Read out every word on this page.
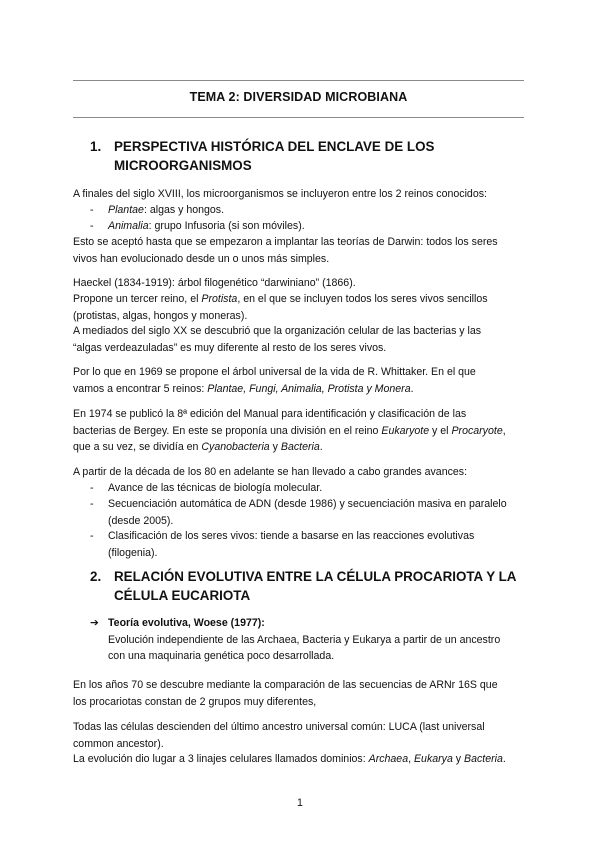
TEMA 2: DIVERSIDAD MICROBIANA
1. PERSPECTIVA HISTÓRICA DEL ENCLAVE DE LOS
MICROORGANISMOS
A finales del siglo XVIII, los microorganismos se incluyeron entre los 2 reinos conocidos:
- Plantae: algas y hongos.
- Animalia: grupo Infusoria (si son móviles).
Esto se aceptó hasta que se empezaron a implantar las teorías de Darwin: todos los seres
vivos han evolucionado desde un o unos más simples.
Haeckel (1834-1919): árbol filogenético “darwiniano” (1866).
Propone un tercer reino, el Protista, en el que se incluyen todos los seres vivos sencillos
(protistas, algas, hongos y moneras).
A mediados del siglo XX se descubrió que la organización celular de las bacterias y las
“algas verdeazuladas” es muy diferente al resto de los seres vivos.
Por lo que en 1969 se propone el árbol universal de la vida de R. Whittaker. En el que
vamos a encontrar 5 reinos: Plantae, Fungi, Animalia, Protista y Monera.
En 1974 se publicó la 8ª edición del Manual para identificación y clasificación de las
bacterias de Bergey. En este se proponía una división en el reino Eukaryote y el Procaryote,
que a su vez, se dividía en Cyanobacteria y Bacteria.
A partir de la década de los 80 en adelante se han llevado a cabo grandes avances:
- Avance de las técnicas de biología molecular.
- Secuenciación automática de ADN (desde 1986) y secuenciación masiva en paralelo
(desde 2005).
- Clasificación de los seres vivos: tiende a basarse en las reacciones evolutivas
(filogenia).
2. RELACIÓN EVOLUTIVA ENTRE LA CÉLULA PROCARIOTA Y LA
CÉLULA EUCARIOTA
➔ Teoría evolutiva, Woese (1977):
Evolución independiente de las Archaea, Bacteria y Eukarya a partir de un ancestro
con una maquinaria genética poco desarrollada.
En los años 70 se descubre mediante la comparación de las secuencias de ARNr 16S que
los procariotas constan de 2 grupos muy diferentes,
Todas las células descienden del último ancestro universal común: LUCA (last universal
common ancestor).
La evolución dio lugar a 3 linajes celulares llamados dominios: Archaea, Eukarya y Bacteria.
1
